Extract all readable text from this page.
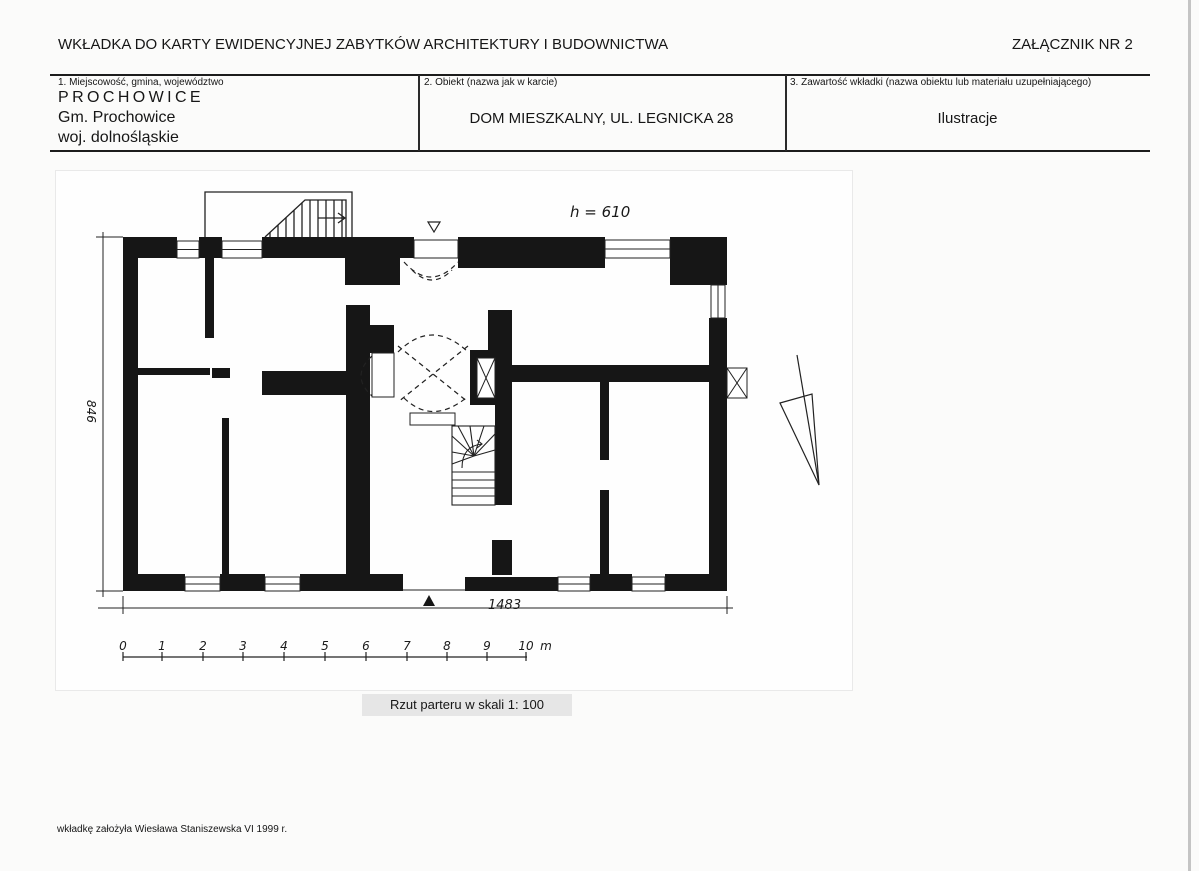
WKŁADKA DO KARTY EWIDENCYJNEJ ZABYTKÓW ARCHITEKTURY I BUDOWNICTWA	ZAŁĄCZNIK NR 2
1. Miejscowość, gmina, województwo
PROCHOWICE
Gm. Prochowice
woj. dolnośląskie
2. Obiekt (nazwa jak w karcie)
DOM MIESZKALNY, UL. LEGNICKA 28
3. Zawartość wkładki (nazwa obiektu lub materiału uzupełniającego)
Ilustracje
h = 610
846
1483
0	1	2	3	4	5	6	7	8	9 10 m
Rzut parteru w skali 1: 100
wkładkę założyła Wiesława Staniszewska VI 1999 r.
